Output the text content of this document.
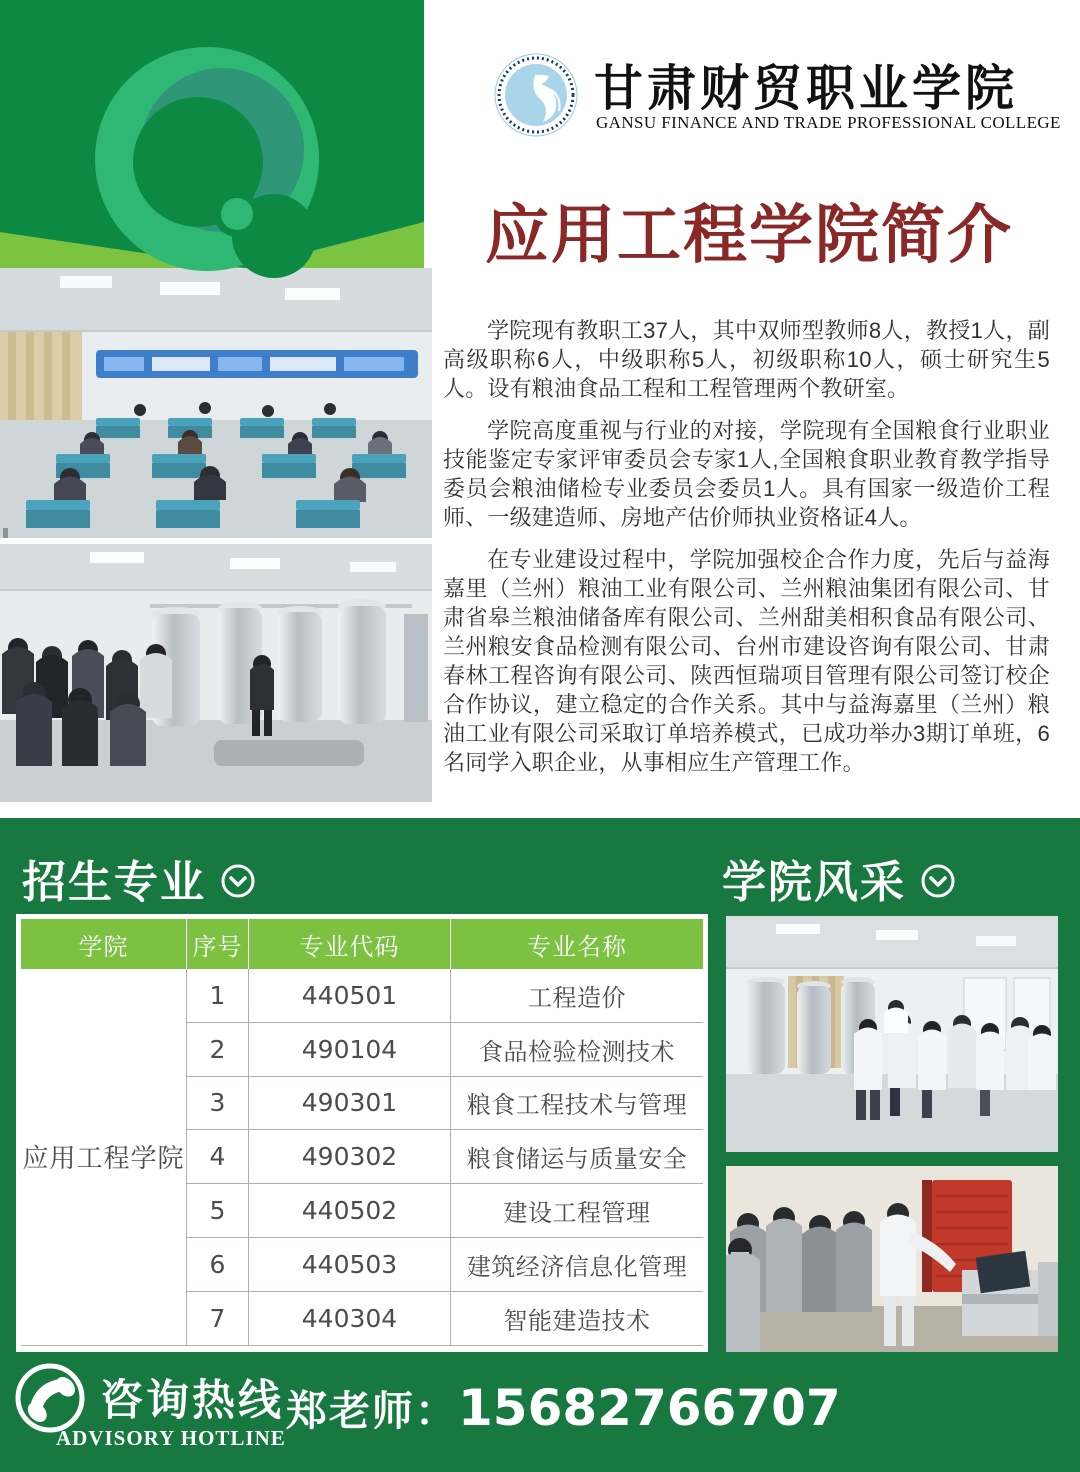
甘肃财贸职业学院
GANSU FINANCE AND TRADE PROFESSIONAL COLLEGE
应用工程学院简介

学院现有教职工37人，其中双师型教师8人，教授1人，副高级职称6人，中级职称5人，初级职称10人，硕士研究生5人。设有粮油食品工程和工程管理两个教研室。

学院高度重视与行业的对接，学院现有全国粮食行业职业技能鉴定专家评审委员会专家1人,全国粮食职业教育教学指导委员会粮油储检专业委员会委员1人。具有国家一级造价工程师、一级建造师、房地产估价师执业资格证4人。

在专业建设过程中，学院加强校企合作力度，先后与益海嘉里（兰州）粮油工业有限公司、兰州粮油集团有限公司、甘肃省皋兰粮油储备库有限公司、兰州甜美相积食品有限公司、兰州粮安食品检测有限公司、台州市建设咨询有限公司、甘肃春林工程咨询有限公司、陕西恒瑞项目管理有限公司签订校企合作协议，建立稳定的合作关系。其中与益海嘉里（兰州）粮油工业有限公司采取订单培养模式，已成功举办3期订单班，6名同学入职企业，从事相应生产管理工作。

招生专业	学院风采
学院	序号	专业代码	专业名称
应用工程学院
1	440501	工程造价
2	490104	食品检验检测技术
3	490301	粮食工程技术与管理
4	490302	粮食储运与质量安全
5	440502	建设工程管理
6	440503	建筑经济信息化管理
7	440304	智能建造技术
咨询热线
ADVISORY HOTLINE
郑老师： 15682766707
